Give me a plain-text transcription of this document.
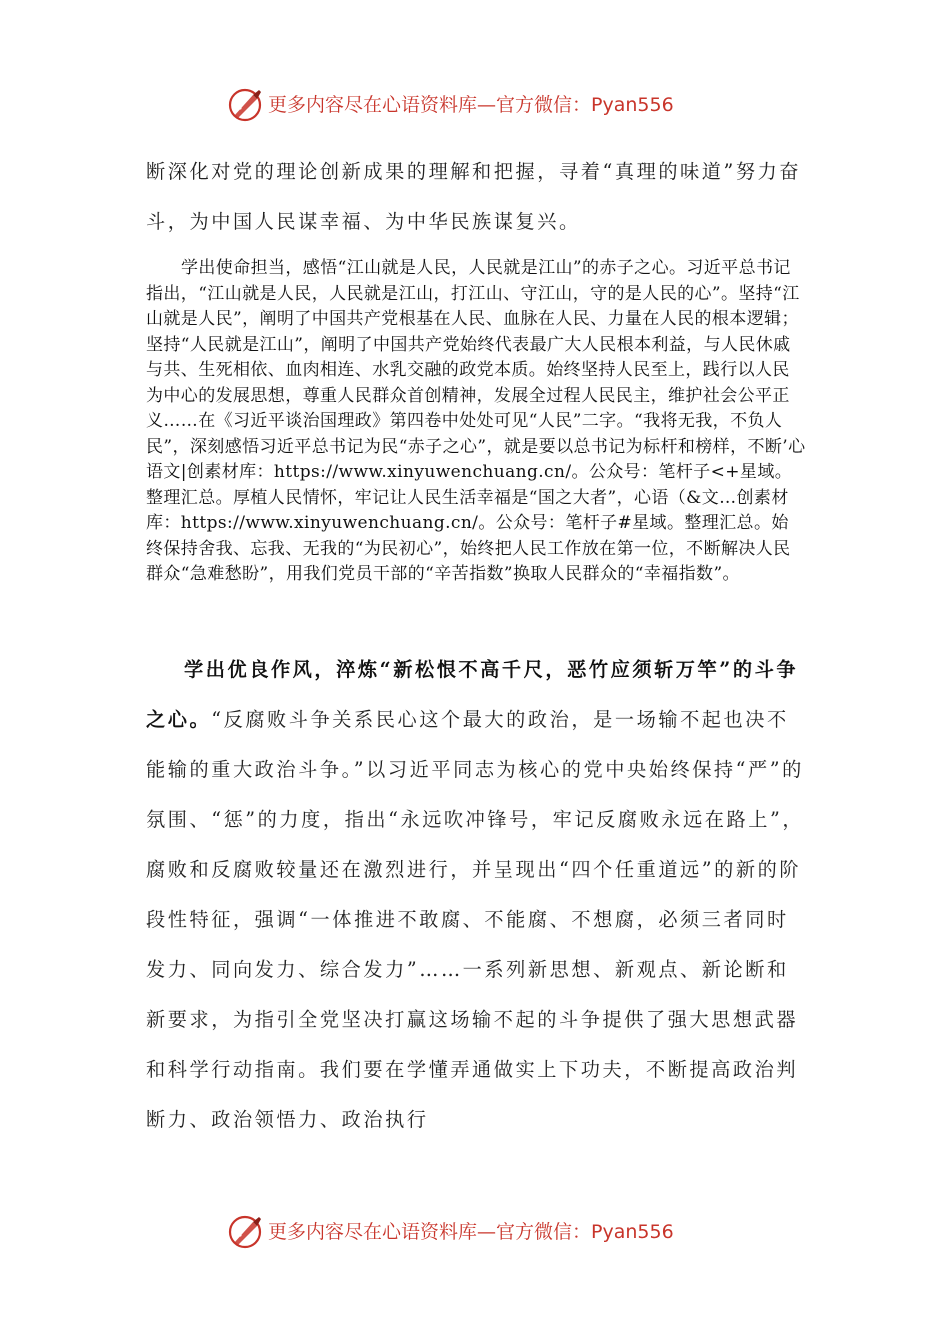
更多内容尽在心语资料库—官方微信：Pyan556
断深化对党的理论创新成果的理解和把握，寻着“真理的味道”努力奋斗，为中国人民谋幸福、为中华民族谋复兴。

学出使命担当，感悟“江山就是人民，人民就是江山”的赤子之心。习近平总书记指出，“江山就是人民，人民就是江山，打江山、守江山，守的是人民的心”。坚持“江山就是人民”，阐明了中国共产党根基在人民、血脉在人民、力量在人民的根本逻辑；坚持“人民就是江山”，阐明了中国共产党始终代表最广大人民根本利益，与人民休戚与共、生死相依、血肉相连、水乳交融的政党本质。始终坚持人民至上，践行以人民为中心的发展思想，尊重人民群众首创精神，发展全过程人民民主，维护社会公平正义……在《习近平谈治国理政》第四卷中处处可见“人民”二字。“我将无我，不负人民”，深刻感悟习近平总书记为民“赤子之心”，就是要以总书记为标杆和榜样，不断’心语文|创素材库：https://www.xinyuwenchuang.cn/。公众号：笔杆子<+星域。整理汇总。厚植人民情怀，牢记让人民生活幸福是“国之大者”，心语（&文…创素材库：https://www.xinyuwenchuang.cn/。公众号：笔杆子#星域。整理汇总。始终保持舍我、忘我、无我的“为民初心”，始终把人民工作放在第一位，不断解决人民群众“急难愁盼”，用我们党员干部的“辛苦指数”换取人民群众的“幸福指数”。

学出优良作风，淬炼“新松恨不高千尺，恶竹应须斩万竿”的斗争之心。“反腐败斗争关系民心这个最大的政治，是一场输不起也决不能输的重大政治斗争。”以习近平同志为核心的党中央始终保持“严”的氛围、“惩”的力度，指出“永远吹冲锋号，牢记反腐败永远在路上”，腐败和反腐败较量还在激烈进行，并呈现出“四个任重道远”的新的阶段性特征，强调“一体推进不敢腐、不能腐、不想腐，必须三者同时发力、同向发力、综合发力”……一系列新思想、新观点、新论断和新要求，为指引全党坚决打赢这场输不起的斗争提供了强大思想武器和科学行动指南。我们要在学懂弄通做实上下功夫，不断提高政治判断力、政治领悟力、政治执行

更多内容尽在心语资料库—官方微信：Pyan556
